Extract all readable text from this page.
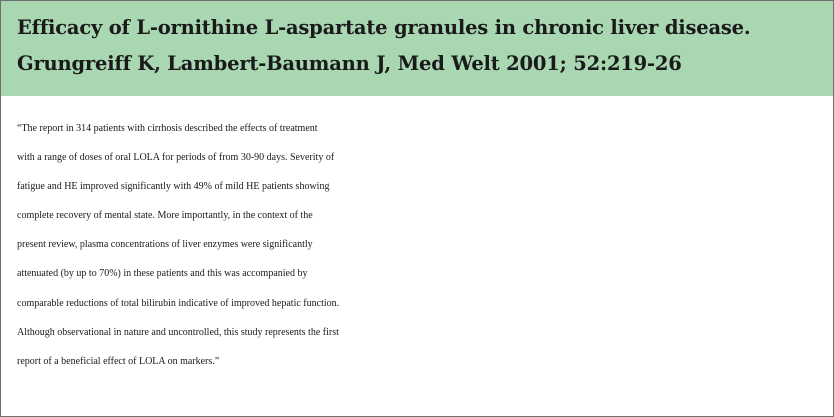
Efficacy of L-ornithine L-aspartate granules in chronic liver disease.
Grungreiff K, Lambert-Baumann J, Med Welt 2001; 52:219-26

“The report in 314 patients with cirrhosis described the effects of treatment
with a range of doses of oral LOLA for periods of from 30-90 days. Severity of
fatigue and HE improved significantly with 49% of mild HE patients showing
complete recovery of mental state. More importantly, in the context of the
present review, plasma concentrations of liver enzymes were significantly
attenuated (by up to 70%) in these patients and this was accompanied by
comparable reductions of total bilirubin indicative of improved hepatic function.
Although observational in nature and uncontrolled, this study represents the first
report of a beneficial effect of LOLA on markers.”
